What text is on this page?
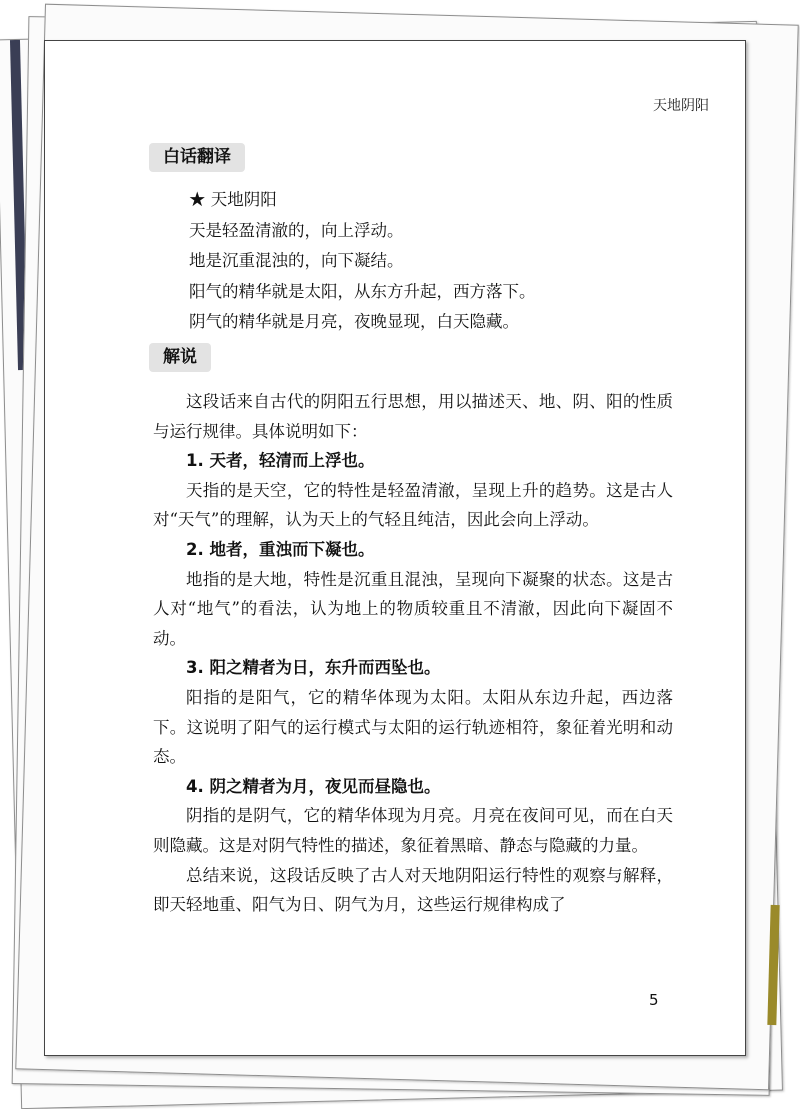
天地阴阳
白话翻译
★ 天地阴阳
天是轻盈清澈的，向上浮动。
地是沉重混浊的，向下凝结。
阳气的精华就是太阳，从东方升起，西方落下。
阴气的精华就是月亮，夜晚显现，白天隐藏。
解说

这段话来自古代的阴阳五行思想，用以描述天、地、阴、阳的性质与运行规律。具体说明如下：

1. 天者，轻清而上浮也。

天指的是天空，它的特性是轻盈清澈，呈现上升的趋势。这是古人对“天气”的理解，认为天上的气轻且纯洁，因此会向上浮动。

2. 地者，重浊而下凝也。

地指的是大地，特性是沉重且混浊，呈现向下凝聚的状态。这是古人对“地气”的看法，认为地上的物质较重且不清澈，因此向下凝固不动。

3. 阳之精者为日，东升而西坠也。

阳指的是阳气，它的精华体现为太阳。太阳从东边升起，西边落下。这说明了阳气的运行模式与太阳的运行轨迹相符，象征着光明和动态。

4. 阴之精者为月，夜见而昼隐也。

阴指的是阴气，它的精华体现为月亮。月亮在夜间可见，而在白天则隐藏。这是对阴气特性的描述，象征着黑暗、静态与隐藏的力量。

总结来说，这段话反映了古人对天地阴阳运行特性的观察与解释，即天轻地重、阳气为日、阴气为月，这些运行规律构成了

5
